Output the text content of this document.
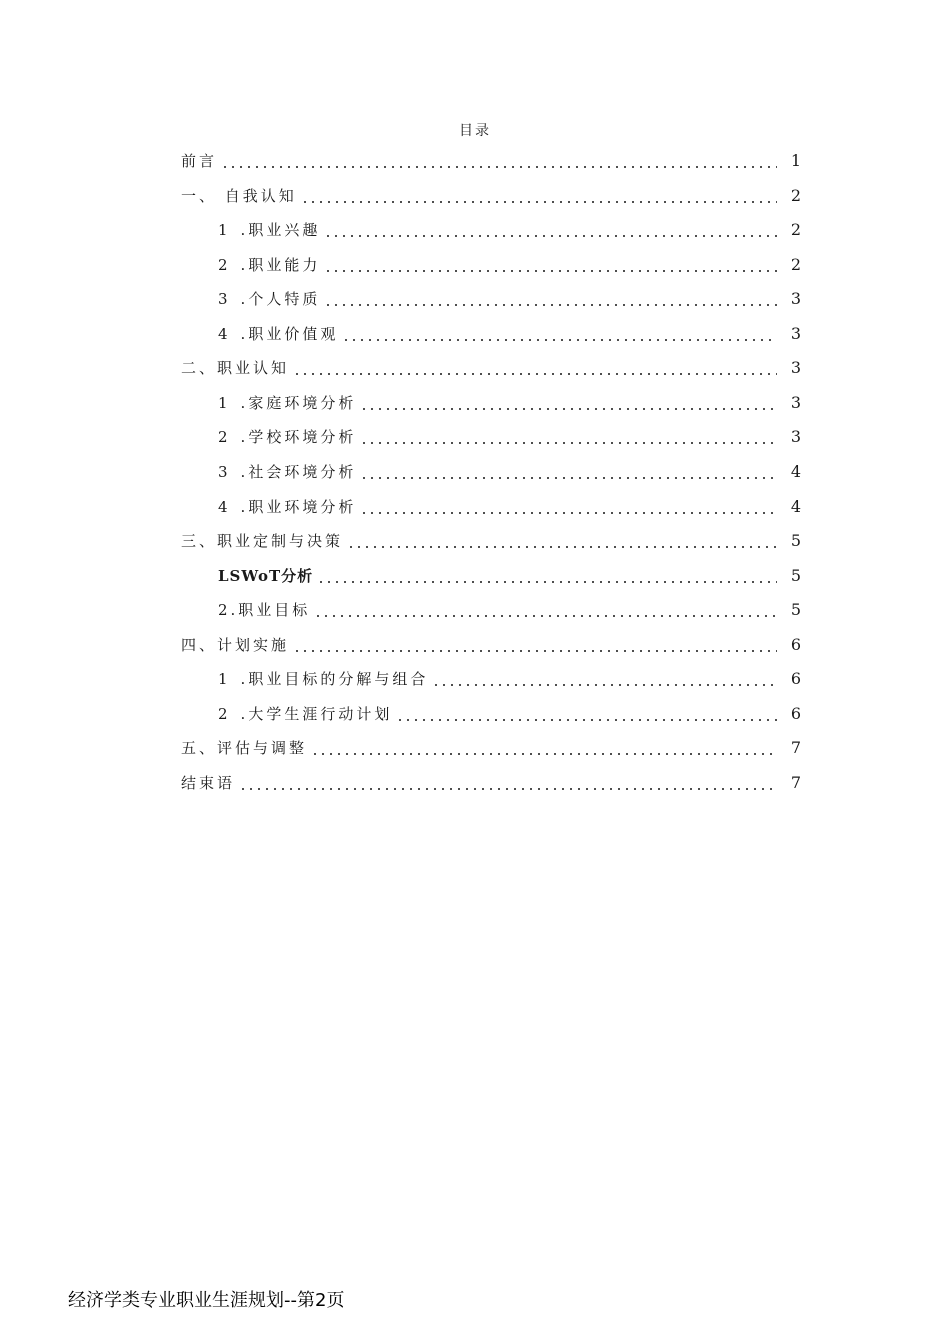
目录
前言	1
一、 自我认知	2
1 .职业兴趣	2
2 .职业能力	2
3 .个人特质	3
4 .职业价值观	3
二、职业认知	3
1 .家庭环境分析	3
2 .学校环境分析	3
3 .社会环境分析	4
4 .职业环境分析	4
三、职业定制与决策	5
LSWoT分析	5
2.职业目标	5
四、计划实施	6
1 .职业目标的分解与组合	6
2 .大学生涯行动计划	6
五、评估与调整	7
结束语	7
经济学类专业职业生涯规划--第2页
